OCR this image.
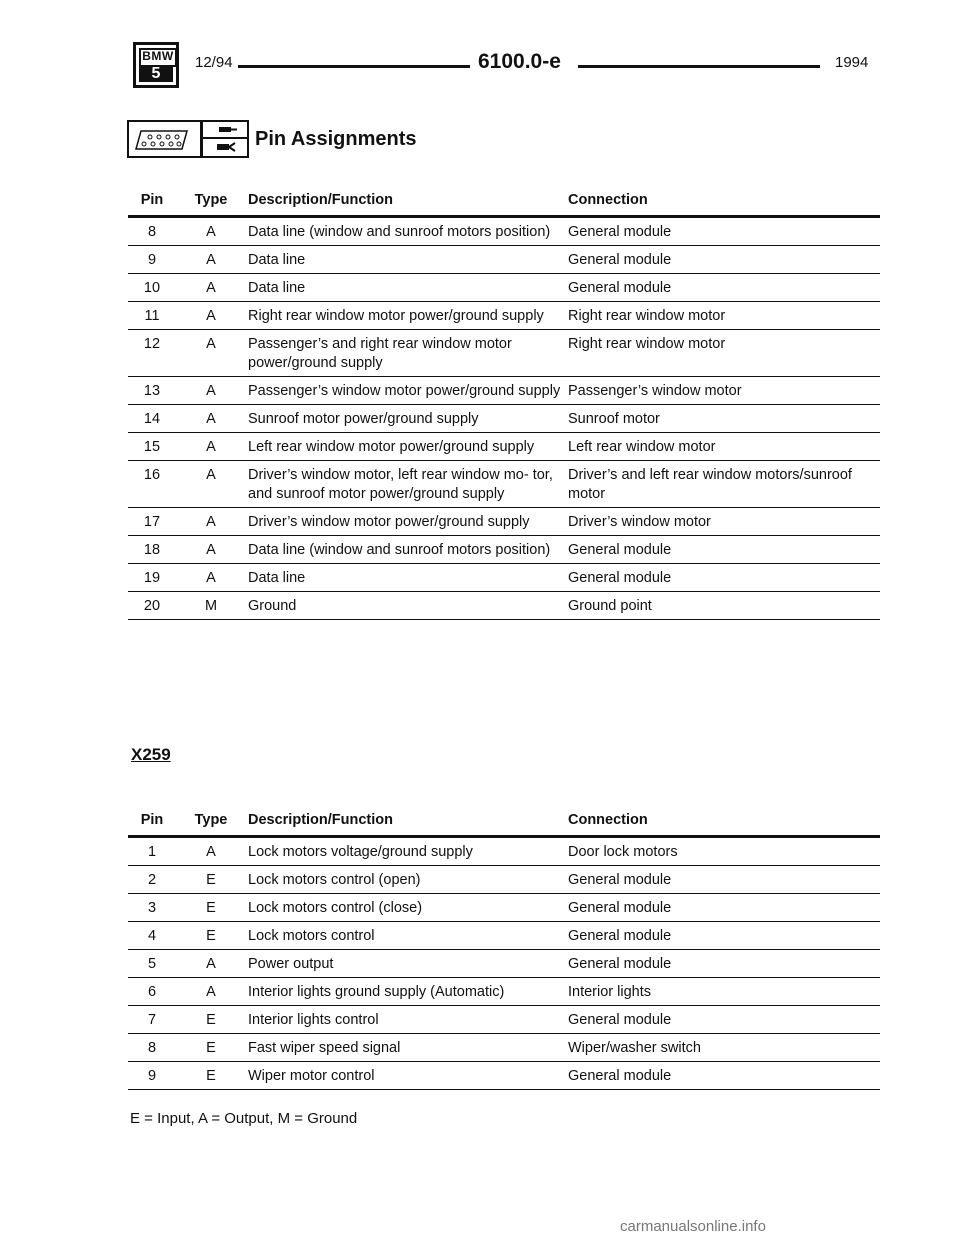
BMW
5
12/94	6100.0-e	1994
Pin Assignments
Pin	Type	Description/Function	Connection
8	A	Data line (window and sunroof motors position)	General module
9	A	Data line	General module
10	A	Data line	General module
11	A	Right rear window motor power/ground supply	Right rear window motor
12	A	Passenger’s and right rear window motor power/ground supply	Right rear window motor
13	A	Passenger’s window motor power/ground supply	Passenger’s window motor
14	A	Sunroof motor power/ground supply	Sunroof motor
15	A	Left rear window motor power/ground supply	Left rear window motor
16	A	Driver’s window motor, left rear window mo- tor, and sunroof motor power/ground supply	Driver’s and left rear window motors/sunroof motor
17	A	Driver’s window motor power/ground supply	Driver’s window motor
18	A	Data line (window and sunroof motors position)	General module
19	A	Data line	General module
20	M	Ground	Ground point
X259
Pin	Type	Description/Function	Connection
1	A	Lock motors voltage/ground supply	Door lock motors
2	E	Lock motors control (open)	General module
3	E	Lock motors control (close)	General module
4	E	Lock motors control	General module
5	A	Power output	General module
6	A	Interior lights ground supply (Automatic)	Interior lights
7	E	Interior lights control	General module
8	E	Fast wiper speed signal	Wiper/washer switch
9	E	Wiper motor control	General module
E = Input, A = Output, M = Ground
carmanualsonline.info
